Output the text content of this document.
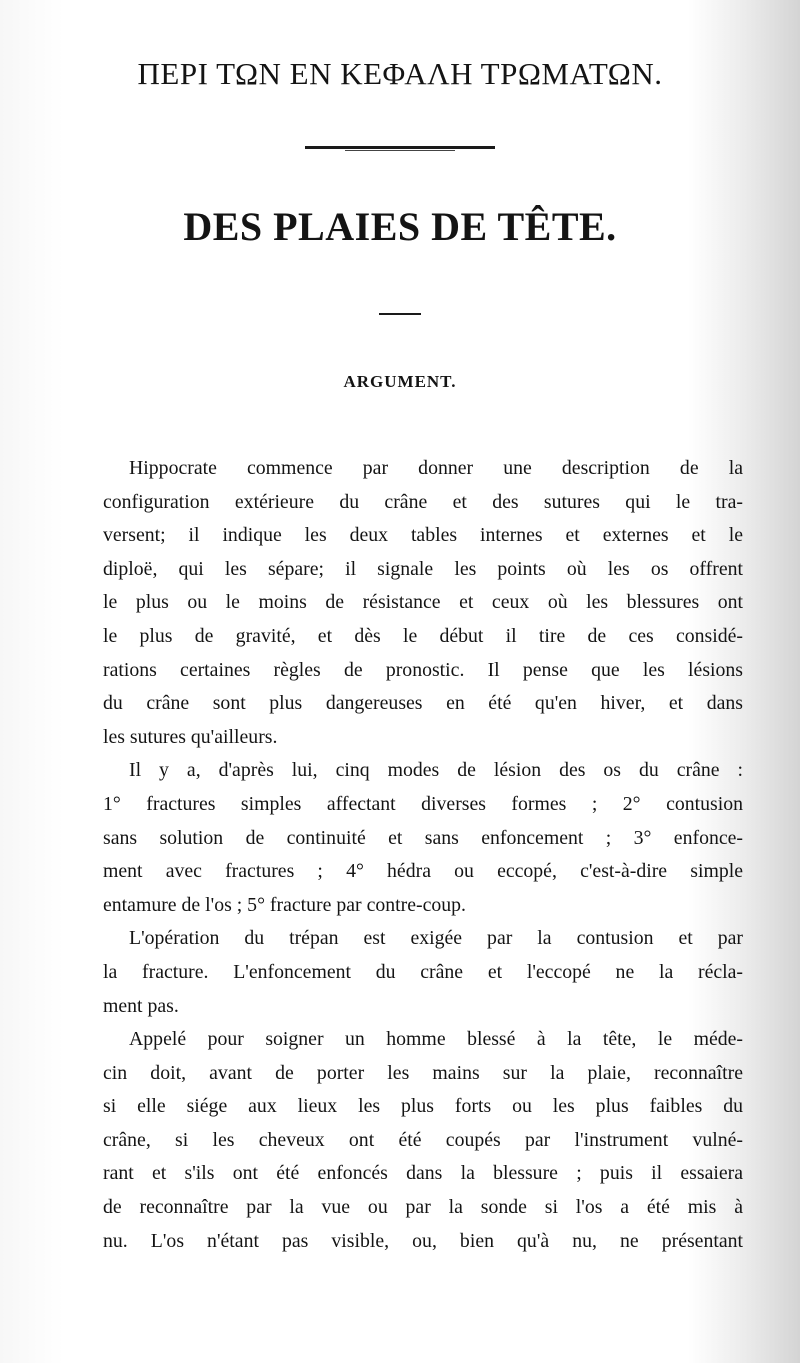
ΠΕΡΙ ΤΩΝ ΕΝ ΚΕΦΑΛΗ ΤΡΩΜΑΤΩΝ.
DES PLAIES DE TÊTE.
ARGUMENT.
Hippocrate commence par donner une description de la
configuration extérieure du crâne et des sutures qui le tra-
versent; il indique les deux tables internes et externes et le
diploë, qui les sépare; il signale les points où les os offrent
le plus ou le moins de résistance et ceux où les blessures ont
le plus de gravité, et dès le début il tire de ces considé-
rations certaines règles de pronostic. Il pense que les lésions
du crâne sont plus dangereuses en été qu'en hiver, et dans
les sutures qu'ailleurs.
Il y a, d'après lui, cinq modes de lésion des os du crâne :
1° fractures simples affectant diverses formes ; 2° contusion
sans solution de continuité et sans enfoncement ; 3° enfonce-
ment avec fractures ; 4° hédra ou eccopé, c'est-à-dire simple
entamure de l'os ; 5° fracture par contre-coup.
L'opération du trépan est exigée par la contusion et par
la fracture. L'enfoncement du crâne et l'eccopé ne la récla-
ment pas.
Appelé pour soigner un homme blessé à la tête, le méde-
cin doit, avant de porter les mains sur la plaie, reconnaître
si elle siége aux lieux les plus forts ou les plus faibles du
crâne, si les cheveux ont été coupés par l'instrument vulné-
rant et s'ils ont été enfoncés dans la blessure ; puis il essaiera
de reconnaître par la vue ou par la sonde si l'os a été mis à
nu. L'os n'étant pas visible, ou, bien qu'à nu, ne présentant
